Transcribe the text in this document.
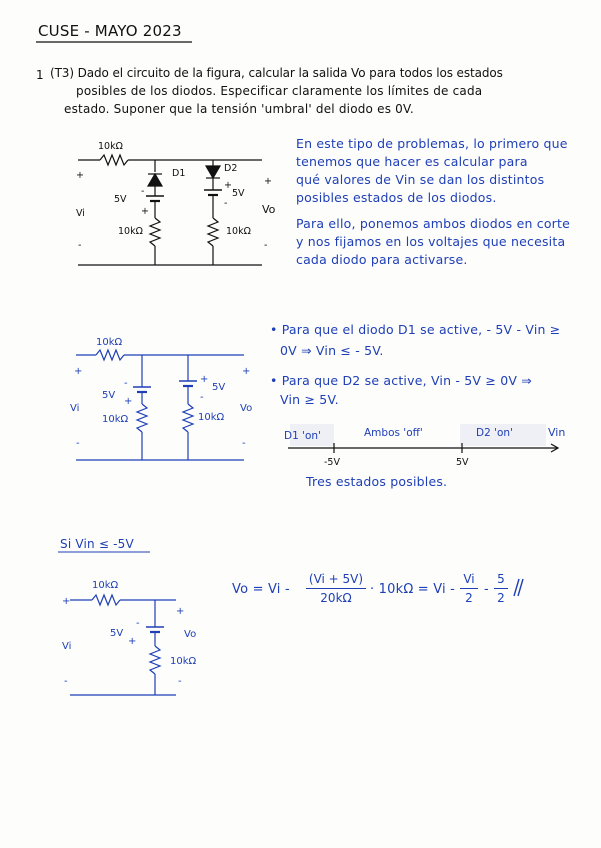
CUSE - MAYO 2023
1 (T3) Dado el circuito de la figura, calcular la salida Vo para todos los estados
posibles de los diodos. Especificar claramente los límites de cada
estado. Suponer que la tensión 'umbral' del diodo es 0V.
10kΩ
D1	D2
5V
5V
+
-
+
-
10kΩ	10kΩ
Vi	Vo
+
-
+
-
En este tipo de problemas, lo primero que
tenemos que hacer es calcular para
qué valores de Vin se dan los distintos
posibles estados de los diodos.
Para ello, ponemos ambos diodos en corte
y nos fijamos en los voltajes que necesita
cada diodo para activarse.
10kΩ
5V
5V
-
+
+
-
10kΩ	10kΩ
Vi	Vo
+
-
+
-
• Para que el diodo D1 se active, - 5V - Vin ≥
0V ⇒ Vin ≤ - 5V.
• Para que D2 se active, Vin - 5V ≥ 0V ⇒
Vin ≥ 5V.
D1 'on'	Ambos 'off'	D2 'on'	Vin
-5V	5V
Tres estados posibles.
Si Vin ≤ -5V
10kΩ
5V
-
+
10kΩ
Vi
Vo
+
-
+
-
$Vo = Vi - \frac{(Vi + 5V)}{20k\Omega} \cdot 10k\Omega = Vi - \frac{Vi}{2} - \frac{5}{2}$
